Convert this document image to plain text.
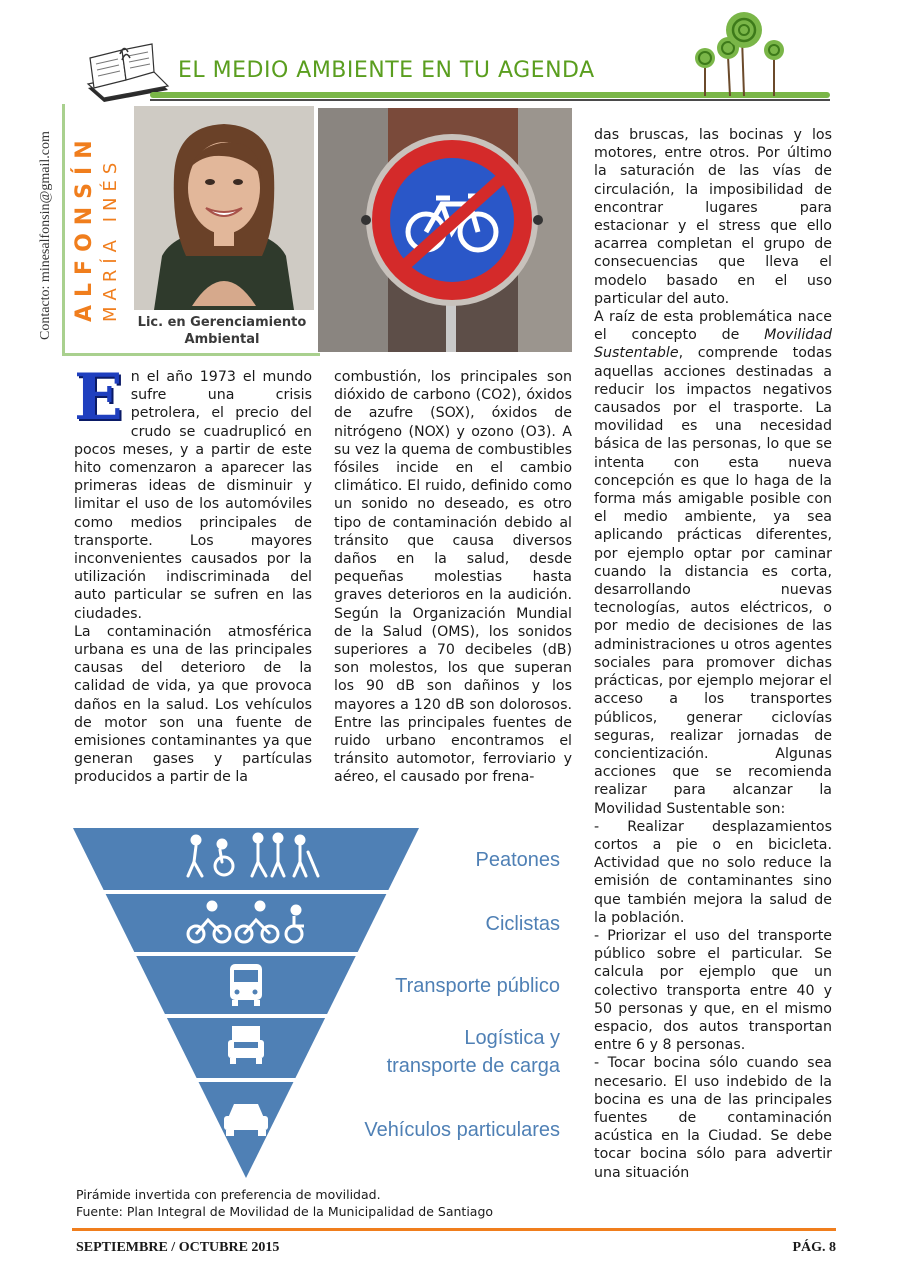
EL MEDIO AMBIENTE EN TU AGENDA
Contacto: minesalfonsin@gmail.com ALFONSÍN MARÍA INÉS
Lic. en Gerenciamiento
Ambiental
E n el año 1973 el mundo sufre una crisis petrolera, el precio del crudo se cuadruplicó en pocos meses, y a partir de este hito comenzaron a aparecer las primeras ideas de disminuir y limitar el uso de los automóviles como medios principales de transporte. Los mayores inconvenientes causados por la utilización indiscriminada del auto particular se sufren en las ciudades.

La contaminación atmosférica urbana es una de las principales causas del deterioro de la calidad de vida, ya que provoca daños en la salud. Los vehículos de motor son una fuente de emisiones contaminantes ya que generan gases y partículas producidos a partir de la

combustión, los principales son dióxido de carbono (CO2), óxidos de azufre (SOX), óxidos de nitrógeno (NOX) y ozono (O3). A su vez la quema de combustibles fósiles incide en el cambio climático. El ruido, definido como un sonido no deseado, es otro tipo de contaminación debido al tránsito que causa diversos daños en la salud, desde pequeñas molestias hasta graves deterioros en la audición. Según la Organización Mundial de la Salud (OMS), los sonidos superiores a 70 decibeles (dB) son molestos, los que superan los 90 dB son dañinos y los mayores a 120 dB son dolorosos. Entre las principales fuentes de ruido urbano encontramos el tránsito automotor, ferroviario y aéreo, el causado por frena-

das bruscas, las bocinas y los motores, entre otros. Por último la saturación de las vías de circulación, la imposibilidad de encontrar lugares para estacionar y el stress que ello acarrea completan el grupo de consecuencias que lleva el modelo basado en el uso particular del auto.

A raíz de esta problemática nace el concepto de Movilidad Sustentable, comprende todas aquellas acciones destinadas a reducir los impactos negativos causados por el trasporte. La movilidad es una necesidad básica de las personas, lo que se intenta con esta nueva concepción es que lo haga de la forma más amigable posible con el medio ambiente, ya sea aplicando prácticas diferentes, por ejemplo optar por caminar cuando la distancia es corta, desarrollando nuevas tecnologías, autos eléctricos, o por medio de decisiones de las administraciones u otros agentes sociales para promover dichas prácticas, por ejemplo mejorar el acceso a los transportes públicos, generar ciclovías seguras, realizar jornadas de concientización. Algunas acciones que se recomienda realizar para alcanzar la Movilidad Sustentable son:

- Realizar desplazamientos cortos a pie o en bicicleta. Actividad que no solo reduce la emisión de contaminantes sino que también mejora la salud de la población.

- Priorizar el uso del transporte público sobre el particular. Se calcula por ejemplo que un colectivo transporta entre 40 y 50 personas y que, en el mismo espacio, dos autos transportan entre 6 y 8 personas.

- Tocar bocina sólo cuando sea necesario. El uso indebido de la bocina es una de las principales fuentes de contaminación acústica en la Ciudad. Se debe tocar bocina sólo para advertir una situación

Peatones
Ciclistas
Transporte público
Logística y
transporte de carga
Vehículos particulares
Pirámide invertida con preferencia de movilidad.
Fuente: Plan Integral de Movilidad de la Municipalidad de Santiago
SEPTIEMBRE / OCTUBRE 2015	PÁG. 8
